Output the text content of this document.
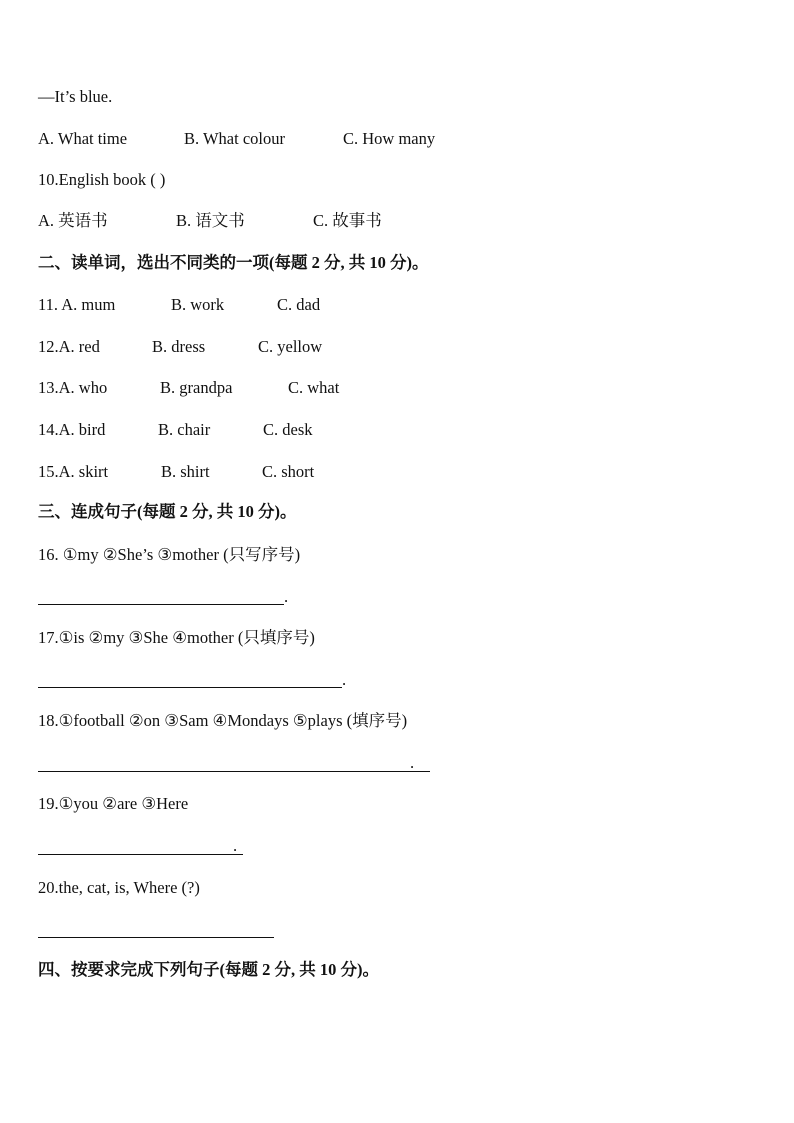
—It’s blue.
A. What time	B. What colour	C. How many
10.English book ( )
A. 英语书	B. 语文书	C. 故事书
二、读单词，选出不同类的一项(每题 2 分, 共 10 分)。
11. A. mum	B. work	C. dad
12.A. red	B. dress	C. yellow
13.A. who	B. grandpa	C. what
14.A. bird	B. chair	C. desk
15.A. skirt	B. shirt	C. short
三、连成句子(每题 2 分, 共 10 分)。
16. ①my ②She’s ③mother (只写序号)
.
17.①is ②my ③She ④mother (只填序号)
.
18.①football ②on ③Sam ④Mondays ⑤plays (填序号)
.
19.①you ②are ③Here
.
20.the, cat, is, Where (?)
四、按要求完成下列句子(每题 2 分, 共 10 分)。
